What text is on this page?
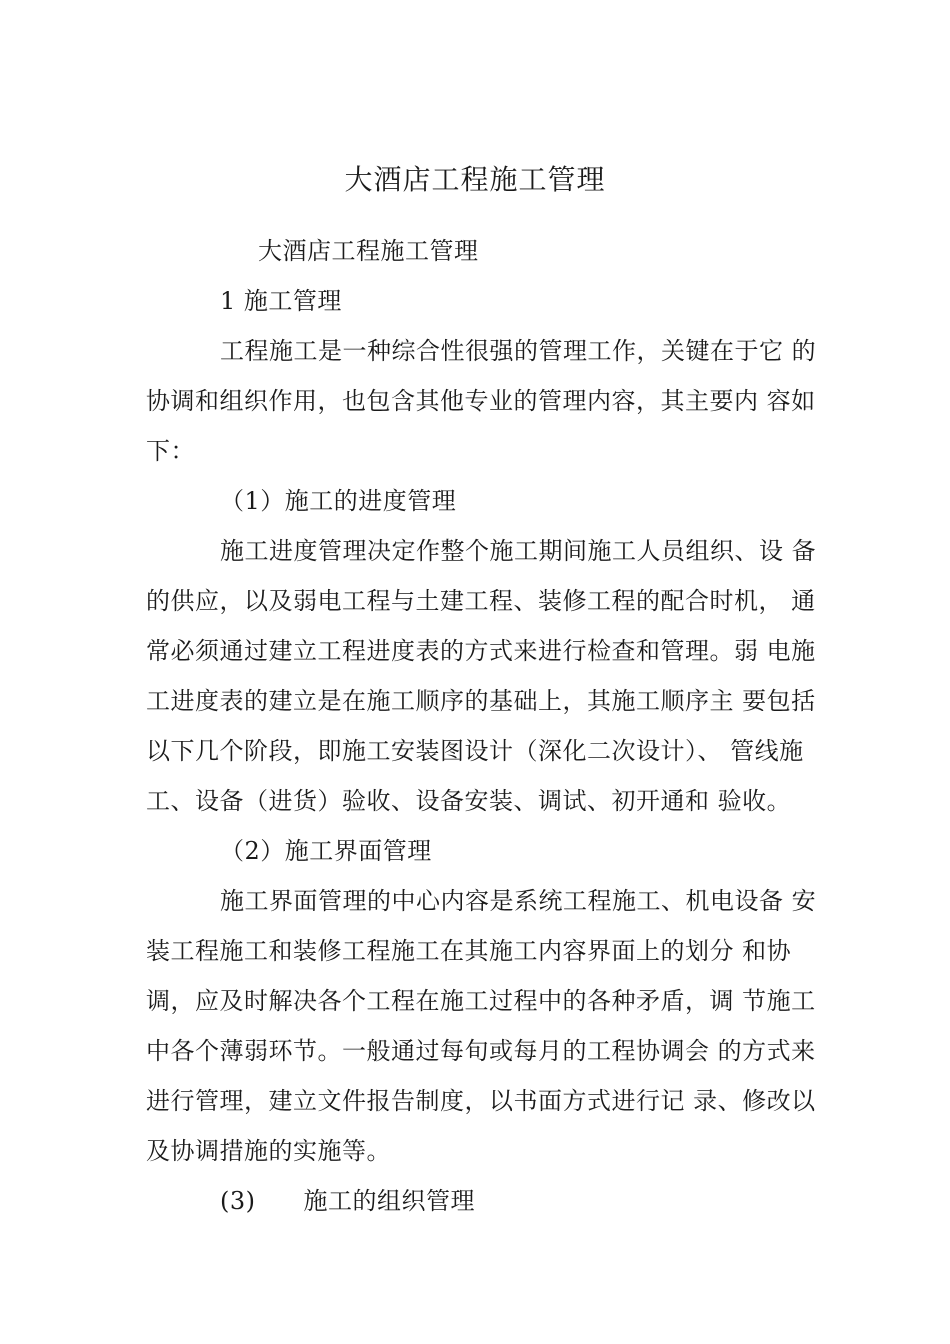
大酒店工程施工管理
大酒店工程施工管理
1 施工管理
工程施工是一种综合性很强的管理工作，关键在于它 的
协调和组织作用，也包含其他专业的管理内容，其主要内 容如
下：
（1）施工的进度管理
施工进度管理决定作整个施工期间施工人员组织、设 备
的供应，以及弱电工程与土建工程、装修工程的配合时机， 通
常必须通过建立工程进度表的方式来进行检查和管理。弱 电施
工进度表的建立是在施工顺序的基础上，其施工顺序主 要包括
以下几个阶段，即施工安装图设计（深化二次设计）、 管线施
工、设备（进货）验收、设备安装、调试、初开通和 验收。
（2）施工界面管理
施工界面管理的中心内容是系统工程施工、机电设备 安
装工程施工和装修工程施工在其施工内容界面上的划分 和协
调，应及时解决各个工程在施工过程中的各种矛盾，调 节施工
中各个薄弱环节。一般通过每旬或每月的工程协调会 的方式来
进行管理，建立文件报告制度，以书面方式进行记 录、修改以
及协调措施的实施等。
(3) 施工的组织管理
